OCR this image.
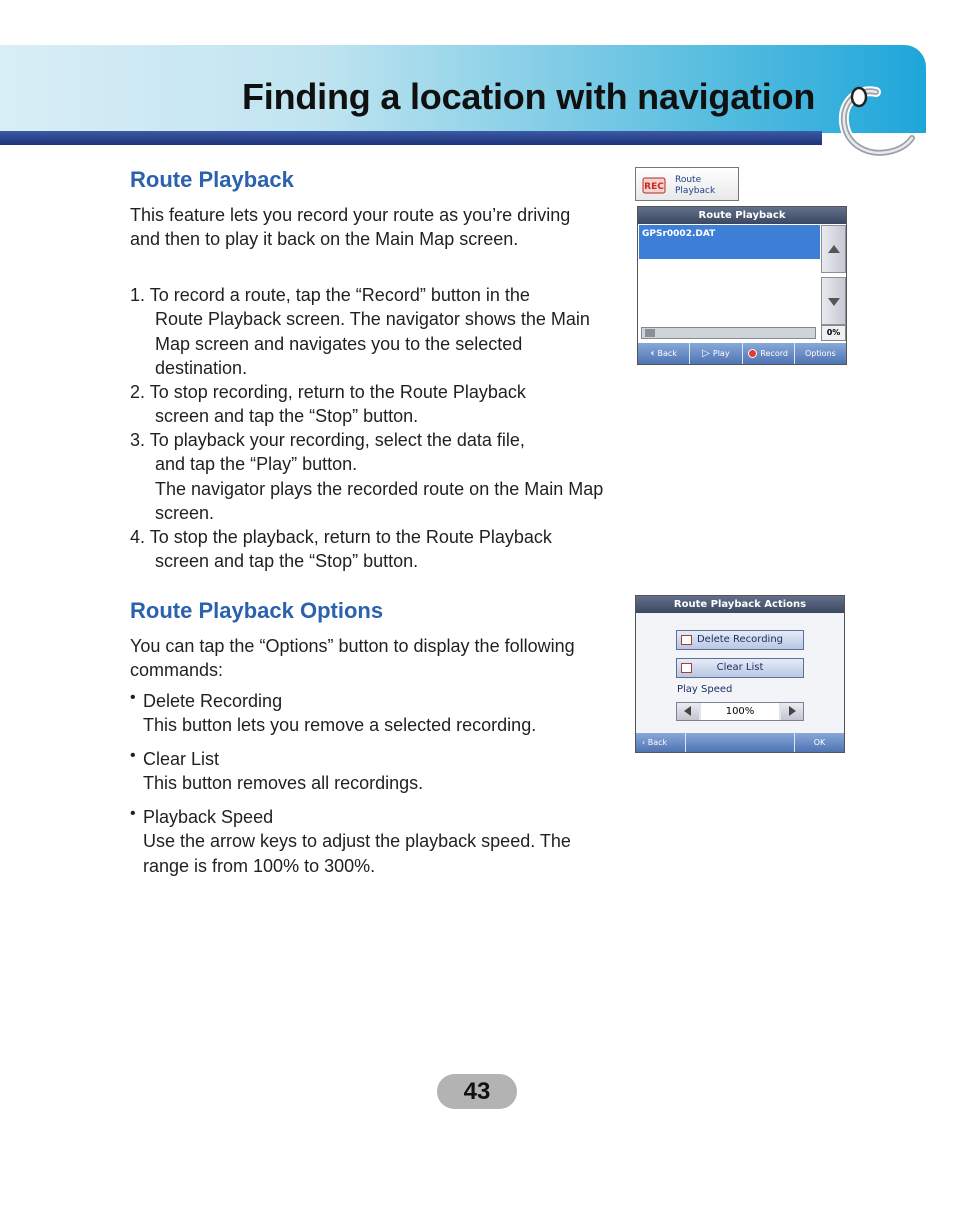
Finding a location with navigation
Route Playback
This feature lets you record your route as you’re driving and then to play it back on the Main Map screen.
1. To record a route, tap the “Record” button in the
Route Playback screen. The navigator shows the Main Map screen and navigates you to the selected destination.
2. To stop recording, return to the Route Playback
screen and tap the “Stop” button.
3. To playback your recording, select the data file,
and tap the “Play” button.
The navigator plays the recorded route on the Main Map screen.
4. To stop the playback, return to the Route Playback
screen and tap the “Stop” button.
Route Playback Options
You can tap the “Options” button to display the following commands:
• Delete Recording
This button lets you remove a selected recording.
• Clear List
This button removes all recordings.
• Playback Speed
Use the arrow keys to adjust the playback speed. The range is from 100% to 300%.
REC
Route
Playback
Route Playback
GPSr0002.DAT
0%
‹ Back	▷ Play	Record Options
Route Playback Actions
Delete Recording
Clear List
Play Speed
100%
‹ Back	OK
43
